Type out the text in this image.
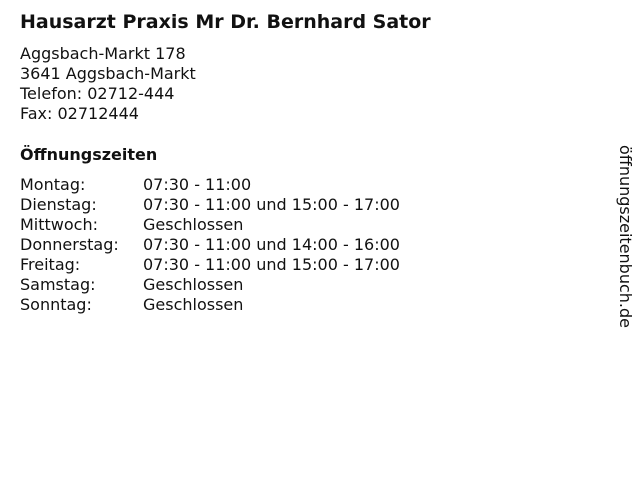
Hausarzt Praxis Mr Dr. Bernhard Sator
Aggsbach-Markt 178
3641 Aggsbach-Markt
Telefon: 02712-444
Fax: 02712444
Öffnungszeiten
Montag:	07:30 - 11:00
Dienstag:	07:30 - 11:00 und 15:00 - 17:00
Mittwoch:	Geschlossen
Donnerstag:	07:30 - 11:00 und 14:00 - 16:00
Freitag:	07:30 - 11:00 und 15:00 - 17:00
Samstag:	Geschlossen
Sonntag:	Geschlossen	öffnungszeitenbuch.de
